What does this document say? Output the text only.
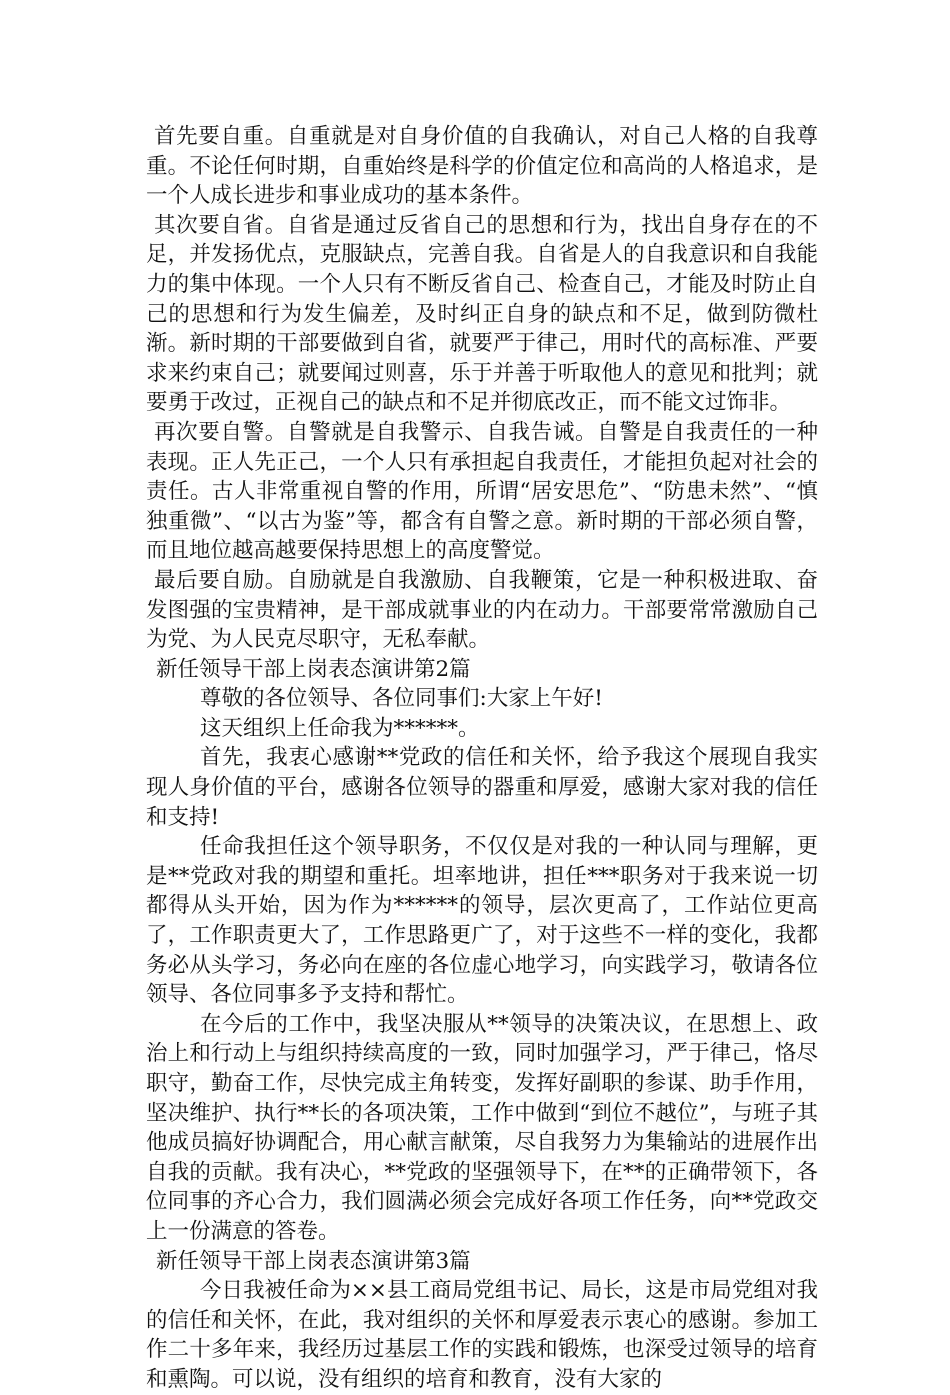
首先要自重。自重就是对自身价值的自我确认，对自己人格的自我尊重。不论任何时期，自重始终是科学的价值定位和高尚的人格追求，是一个人成长进步和事业成功的基本条件。

其次要自省。自省是通过反省自己的思想和行为，找出自身存在的不足，并发扬优点，克服缺点，完善自我。自省是人的自我意识和自我能力的集中体现。一个人只有不断反省自己、检查自己，才能及时防止自己的思想和行为发生偏差，及时纠正自身的缺点和不足，做到防微杜渐。新时期的干部要做到自省，就要严于律己，用时代的高标准、严要求来约束自己；就要闻过则喜，乐于并善于听取他人的意见和批判；就要勇于改过，正视自己的缺点和不足并彻底改正，而不能文过饰非。

再次要自警。自警就是自我警示、自我告诫。自警是自我责任的一种表现。正人先正己，一个人只有承担起自我责任，才能担负起对社会的责任。古人非常重视自警的作用，所谓“居安思危”、“防患未然”、“慎独重微”、“以古为鉴”等，都含有自警之意。新时期的干部必须自警，而且地位越高越要保持思想上的高度警觉。

最后要自励。自励就是自我激励、自我鞭策，它是一种积极进取、奋发图强的宝贵精神，是干部成就事业的内在动力。干部要常常激励自己为党、为人民克尽职守，无私奉献。

新任领导干部上岗表态演讲第2篇

尊敬的各位领导、各位同事们:大家上午好!

这天组织上任命我为******。

首先，我衷心感谢**党政的信任和关怀，给予我这个展现自我实现人身价值的平台，感谢各位领导的器重和厚爱，感谢大家对我的信任和支持!

任命我担任这个领导职务，不仅仅是对我的一种认同与理解，更是**党政对我的期望和重托。坦率地讲，担任***职务对于我来说一切都得从头开始，因为作为******的领导，层次更高了，工作站位更高了，工作职责更大了，工作思路更广了，对于这些不一样的变化，我都务必从头学习，务必向在座的各位虚心地学习，向实践学习，敬请各位领导、各位同事多予支持和帮忙。

在今后的工作中，我坚决服从**领导的决策决议，在思想上、政治上和行动上与组织持续高度的一致，同时加强学习，严于律己，恪尽职守，勤奋工作，尽快完成主角转变，发挥好副职的参谋、助手作用，坚决维护、执行**长的各项决策，工作中做到“到位不越位”，与班子其他成员搞好协调配合，用心献言献策，尽自我努力为集输站的进展作出自我的贡献。我有决心，**党政的坚强领导下，在**的正确带领下，各位同事的齐心合力，我们圆满必须会完成好各项工作任务，向**党政交上一份满意的答卷。

新任领导干部上岗表态演讲第3篇

今日我被任命为××县工商局党组书记、局长，这是市局党组对我的信任和关怀，在此，我对组织的关怀和厚爱表示衷心的感谢。参加工作二十多年来，我经历过基层工作的实践和锻炼，也深受过领导的培育和熏陶。可以说，没有组织的培育和教育，没有大家的
